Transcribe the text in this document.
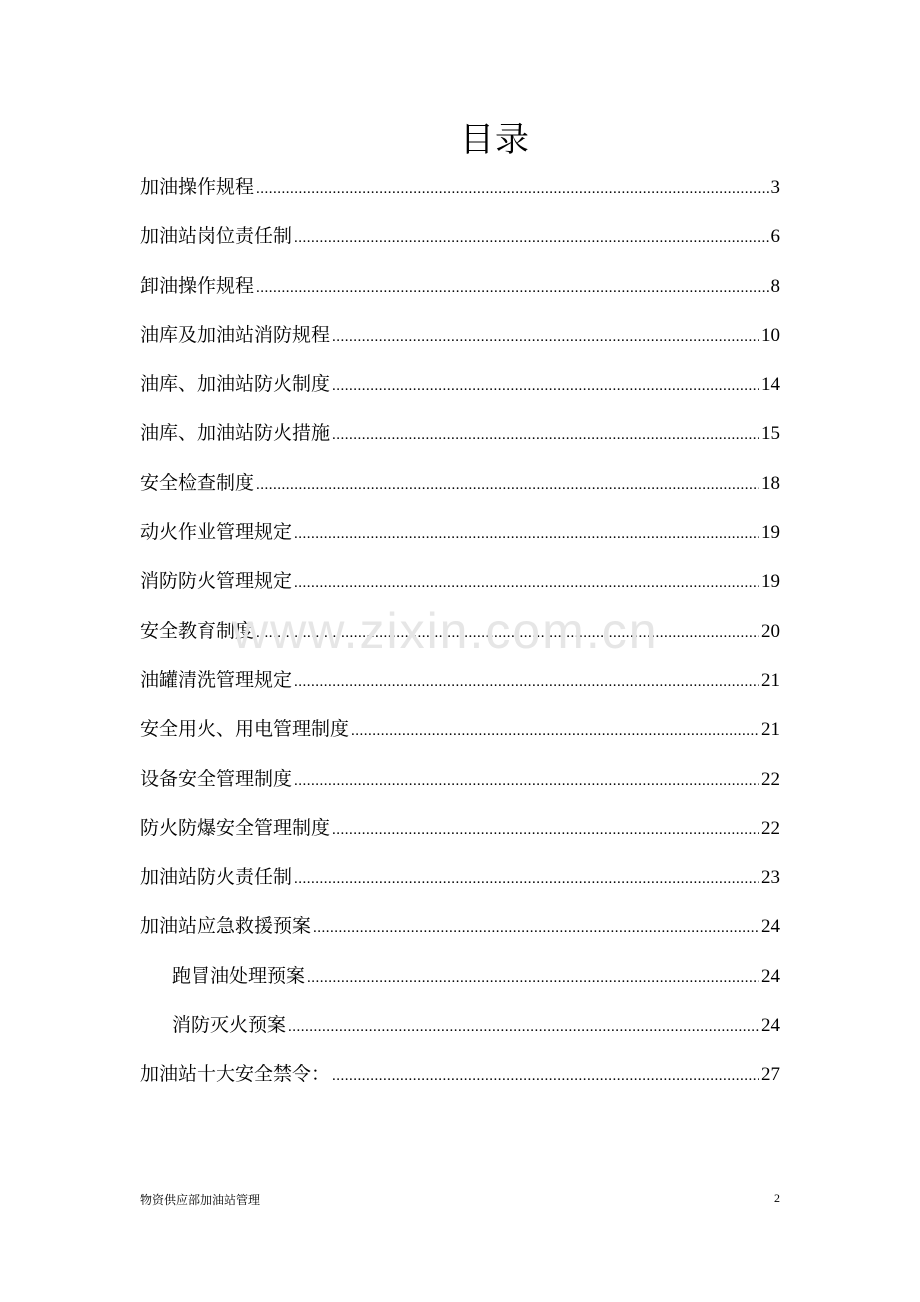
目录
加油操作规程 .....	3
加油站岗位责任制 .....	6
卸油操作规程 .....	8
油库及加油站消防规程 .....	10
油库、加油站防火制度 .....	14
油库、加油站防火措施 .....	15
安全检查制度 .....	18
动火作业管理规定 .....	19
消防防火管理规定 .....	19
安全教育制度 .....	20
油罐清洗管理规定 .....	21
安全用火、用电管理制度 .....	21
设备安全管理制度 .....	22
防火防爆安全管理制度 .....	22
加油站防火责任制 .....	23
加油站应急救援预案 .....	24
跑冒油处理预案 .....	24
消防灭火预案 .....	24
加油站十大安全禁令： .....	27
www.zixin.com.cn
物资供应部加油站管理	2
